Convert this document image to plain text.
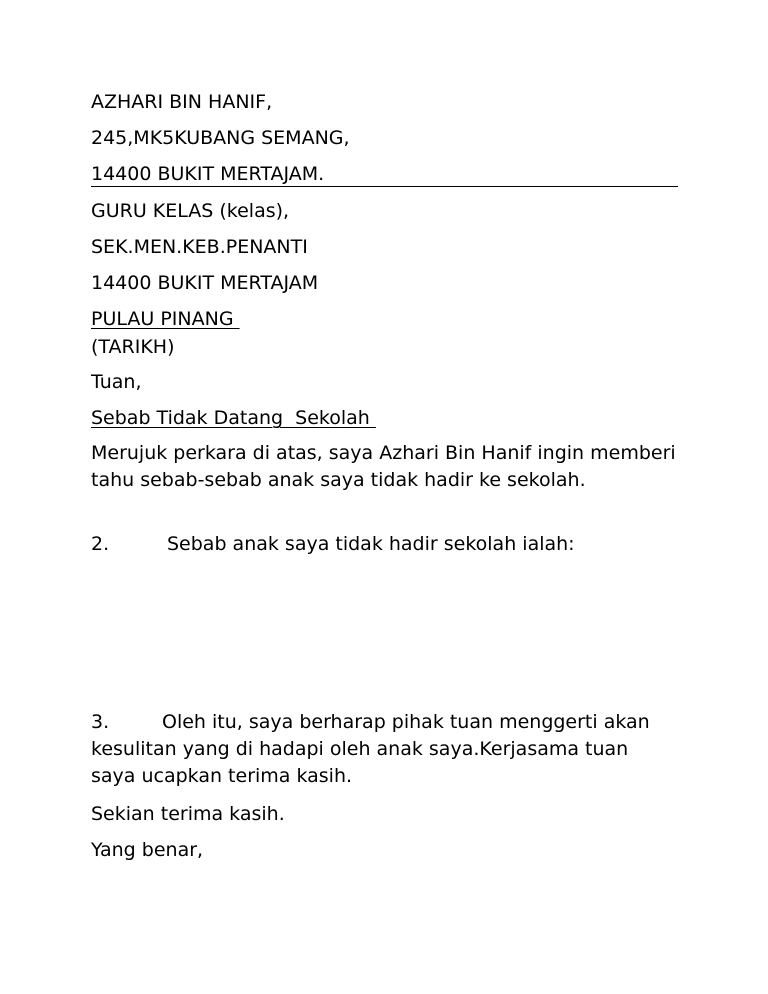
AZHARI BIN HANIF,
245,MK5KUBANG SEMANG,
14400 BUKIT MERTAJAM.
GURU KELAS (kelas),
SEK.MEN.KEB.PENANTI
14400 BUKIT MERTAJAM
PULAU PINANG
(TARIKH)
Tuan,
Sebab Tidak Datang  Sekolah
Merujuk perkara di atas, saya Azhari Bin Hanif ingin memberi tahu sebab-sebab anak saya tidak hadir ke sekolah.
2.	Sebab anak saya tidak hadir sekolah ialah:
3.	Oleh itu, saya berharap pihak tuan menggerti akan
kesulitan yang di hadapi oleh anak saya.Kerjasama tuan saya ucapkan terima kasih.
Sekian terima kasih.
Yang benar,
